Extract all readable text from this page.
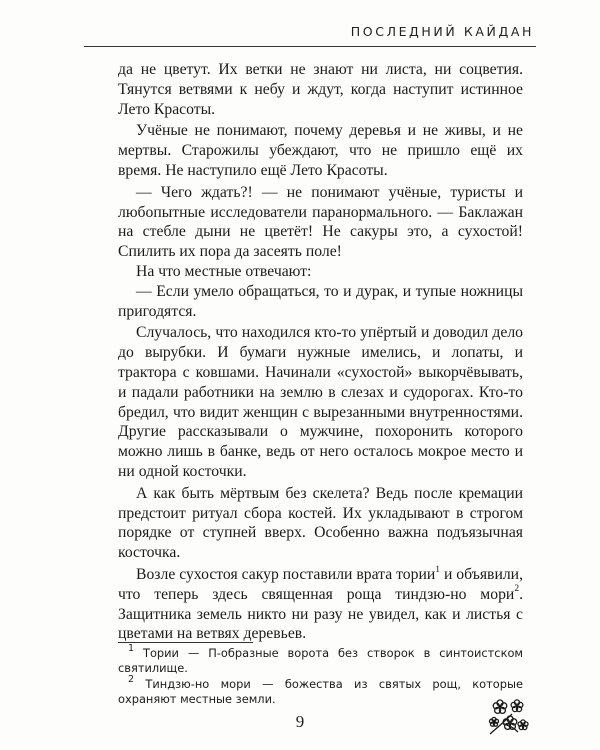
ПОСЛЕДНИЙ КАЙДАН

да не цветут. Их ветки не знают ни листа, ни соцветия. Тянутся ветвями к небу и ждут, когда наступит истинное Лето Красоты.

Учёные не понимают, почему деревья и не живы, и не мертвы. Старожилы убеждают, что не пришло ещё их время. Не наступило ещё Лето Красоты.

— Чего ждать?! — не понимают учёные, туристы и любопытные исследователи паранормального. — Баклажан на стебле дыни не цветёт! Не сакуры это, а сухостой! Спилить их пора да засеять поле!

На что местные отвечают:

— Если умело обращаться, то и дурак, и тупые ножницы пригодятся.

Случалось, что находился кто-то упёртый и доводил дело до вырубки. И бумаги нужные имелись, и лопаты, и трактора с ковшами. Начинали «сухостой» выкорчёвывать, и падали работники на землю в слезах и судорогах. Кто-то бредил, что видит женщин с вырезанными внутренностями. Другие рассказывали о мужчине, похоронить которого можно лишь в банке, ведь от него осталось мокрое место и ни одной косточки.

А как быть мёртвым без скелета? Ведь после кремации предстоит ритуал сбора костей. Их укладывают в строгом порядке от ступней вверх. Особенно важна подъязычная косточка.

Возле сухостоя сакур поставили врата тории$^1$ и объявили, что теперь здесь священная роща тиндзю-но мори$^2$. Защитника земель никто ни разу не увидел, как и листья с цветами на ветвях деревьев.

$^1$ Тории — П-образные ворота без створок в синтоистском святилище.

$^2$ Тиндзю-но мори — божества из святых рощ, которые охраняют местные земли.

9
